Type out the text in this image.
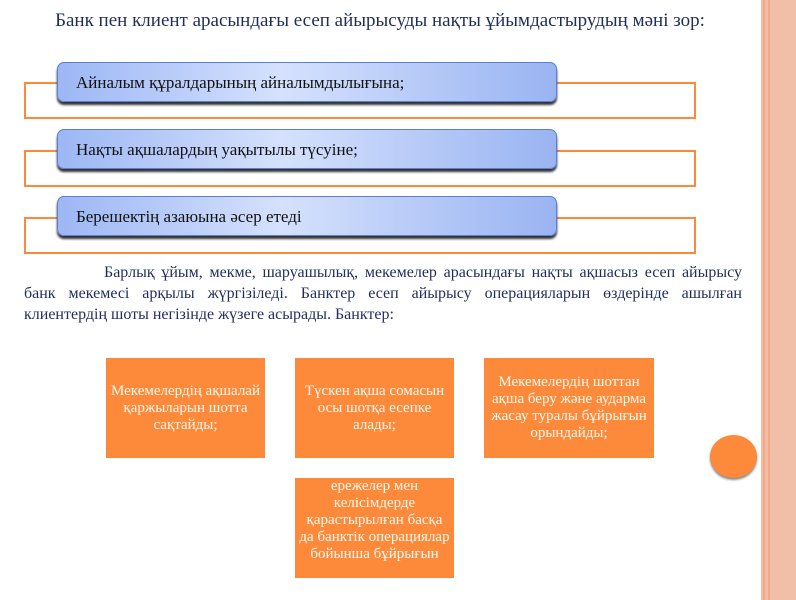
Банк пен клиент арасындағы есеп айырысуды нақты ұйымдастырудың мәні зор:
Айналым құралдарының айналымдылығына;
Нақты ақшалардың уақытылы түсуіне;
Берешектің азаюына әсер етеді
Барлық ұйым, мекме, шаруашылық, мекемелер арасындағы нақты ақшасыз есеп айырысу банк мекемесі арқылы жүргізіледі. Банктер есеп айырысу операцияларын өздерінде ашылған клиентердің шоты негізінде жүзеге асырады. Банктер:
Мекемелердің ақшалай қаржыларын шотта сақтайды;
Түскен ақша сомасын осы шотқа есепке алады;
Мекемелердің шоттан ақша беру және аударма жасау туралы бұйрығын орындайды;
ережелер мен келісімдерде қарастырылған басқа да банктік операциялар бойынша бұйрығын
